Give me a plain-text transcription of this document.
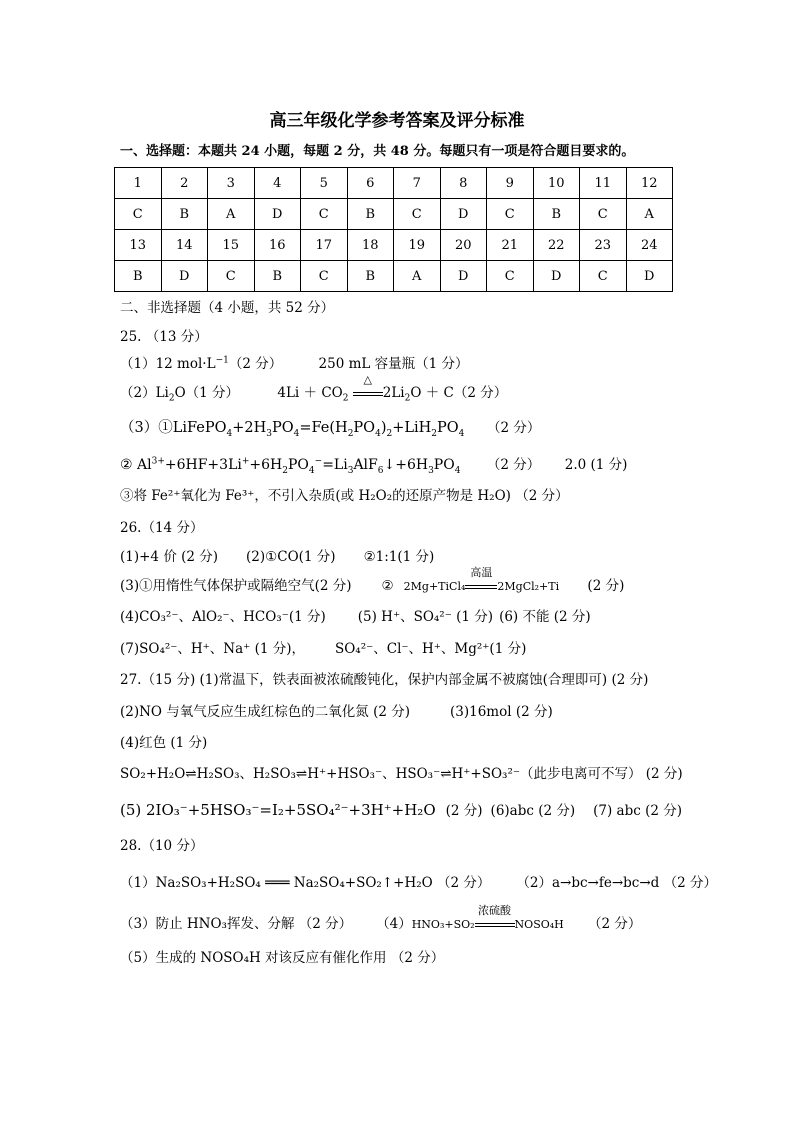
高三年级化学参考答案及评分标准
一、选择题：本题共 24 小题，每题 2 分，共 48 分。每题只有一项是符合题目要求的。
1	2	3	4	5	6	7	8	9	10	11	12
C	B	A	D	C	B	C	D	C	B	C	A
13	14	15	16	17	18	19	20	21	22	23	24
B	D	C	B	C	B	A	D	C	D	C	D
二、非选择题（4 小题，共 52 分）
25. （13 分）
（1）12 $mol\cdot L^{-1}(2$ 分）	250 mL 容量瓶（1 分）
$(2)Li_2O(1$ 分）	$4Li + CO_2$
△
$2Li_2O + C(2$ 分）
$(3)①LiFePO_4+2H_3PO_4=Fe(H_2PO_4)_2+LiH_2PO_4$ （2 分）
② $Al^{3+}+6HF+3Li^++6H_2PO_4^-=Li_3AlF_6↓+6H_3PO_4$ （2 分） 2.0 (1 分)
③将 Fe²⁺氧化为 Fe³⁺，不引入杂质(或 H₂O₂的还原产物是 H₂O) （2 分）
26.（14 分）
(1)+4 价 (2 分) (2)①CO(1 分) ②1:1(1 分)
(3)①用惰性气体保护或隔绝空气(2 分) ② 2Mg+TiCl₄
高温
2MgCl₂+Ti (2 分)
(4)CO₃²⁻、AlO₂⁻、HCO₃⁻(1 分) (5) H⁺、SO₄²⁻ (1 分) (6) 不能 (2 分)
(7)SO₄²⁻、H⁺、Na⁺ (1 分)， SO₄²⁻、Cl⁻、H⁺、Mg²⁺(1 分)
27.（15 分) (1)常温下，铁表面被浓硫酸钝化，保护内部金属不被腐蚀(合理即可) (2 分)
(2)NO 与氧气反应生成红棕色的二氧化氮 (2 分)	(3)16mol (2 分)
(4)红色 (1 分)
SO₂+H₂O⇌H₂SO₃、H₂SO₃⇌H⁺+HSO₃⁻、HSO₃⁻⇌H⁺+SO₃²⁻（此步电离可不写） (2 分)
(5) 2IO₃⁻+5HSO₃⁻=I₂+5SO₄²⁻+3H⁺+H₂O (2 分) (6)abc (2 分) (7) abc (2 分)
28.（10 分）
（1）Na₂SO₃+H₂SO₄ ═══ Na₂SO₄+SO₂↑+H₂O （2 分） （2）a→bc→fe→bc→d （2 分）
（3）防止 HNO₃挥发、分解 （2 分） （4）HNO₃+SO₂
浓硫酸
NOSO₄H （2 分）
（5）生成的 NOSO₄H 对该反应有催化作用 （2 分）
